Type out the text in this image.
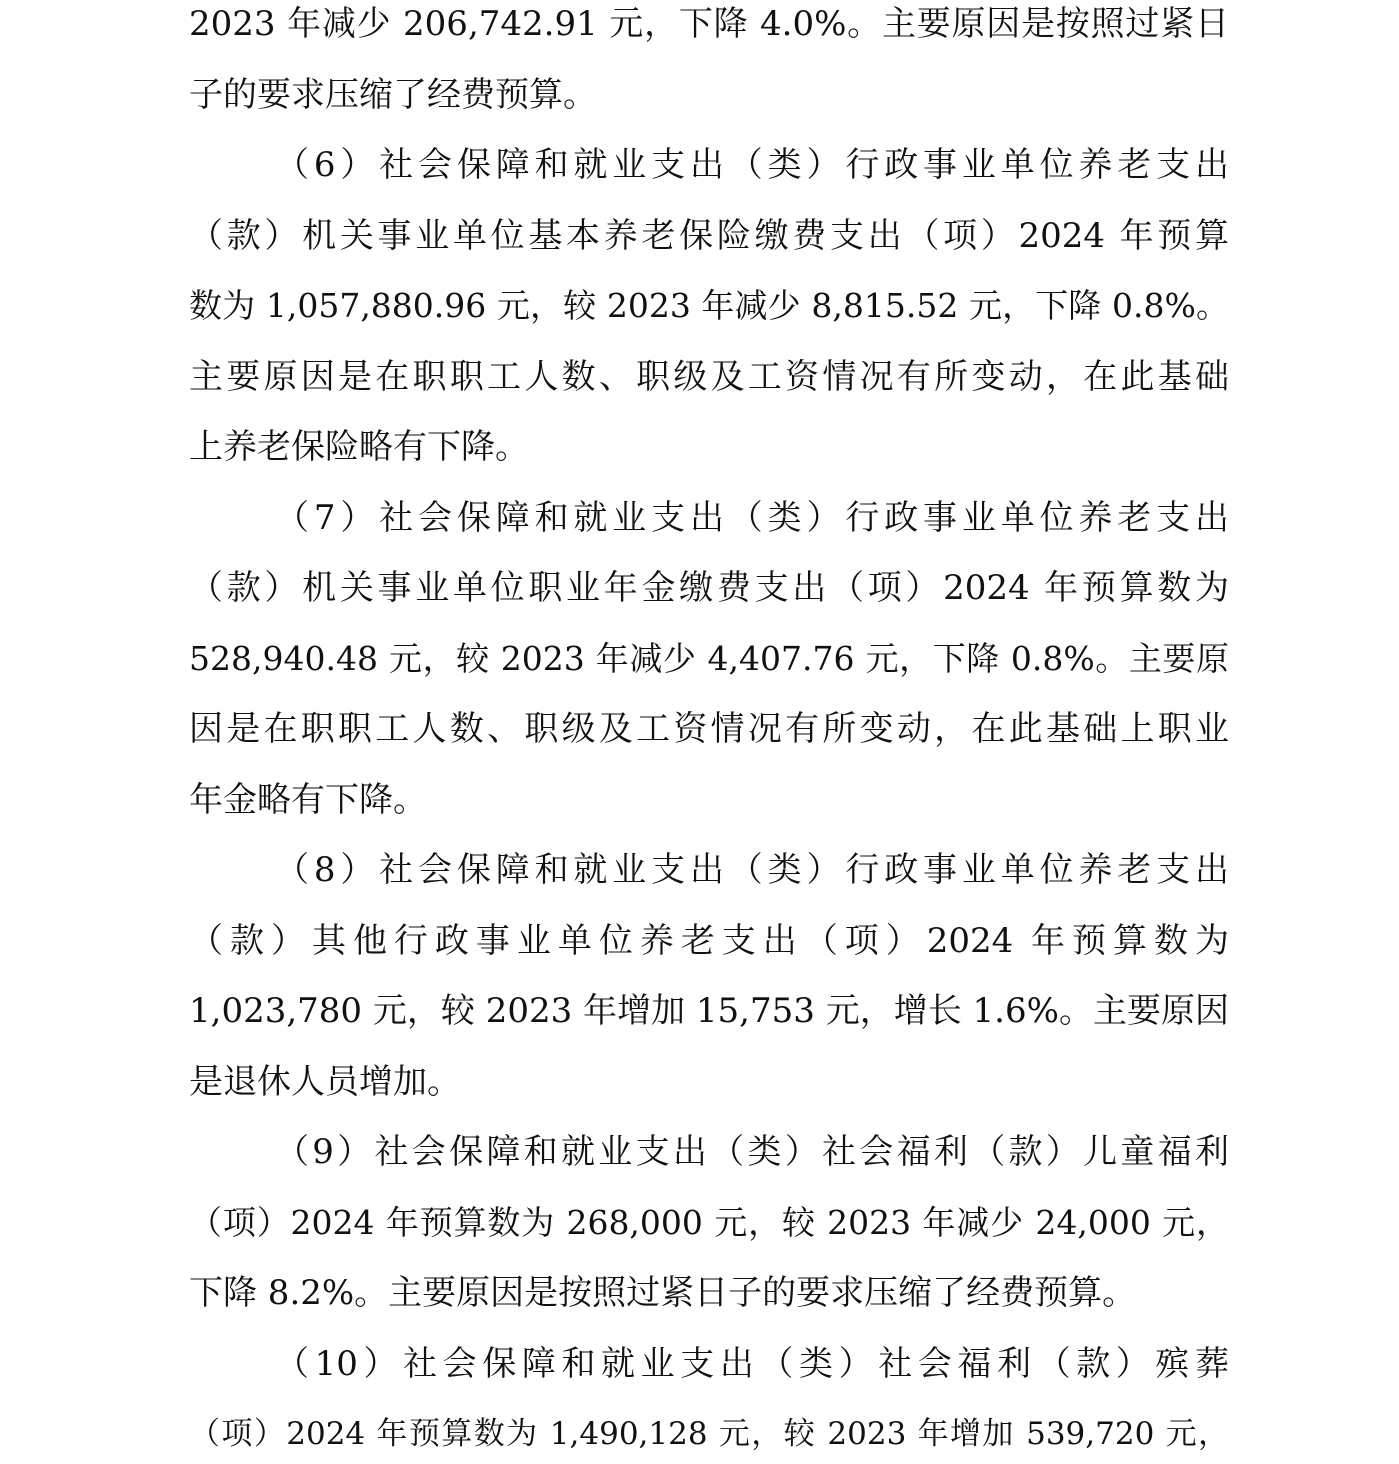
2023 年减少 206,742.91 元，下降 4.0%。主要原因是按照过紧日
子的要求压缩了经费预算。
（6）社会保障和就业支出（类）行政事业单位养老支出
（款）机关事业单位基本养老保险缴费支出（项）2024 年预算
数为 1,057,880.96 元，较 2023 年减少 8,815.52 元，下降 0.8%。
主要原因是在职职工人数、职级及工资情况有所变动，在此基础
上养老保险略有下降。
（7）社会保障和就业支出（类）行政事业单位养老支出
（款）机关事业单位职业年金缴费支出（项）2024 年预算数为
528,940.48 元，较 2023 年减少 4,407.76 元，下降 0.8%。主要原
因是在职职工人数、职级及工资情况有所变动，在此基础上职业
年金略有下降。
（8）社会保障和就业支出（类）行政事业单位养老支出
（款）其他行政事业单位养老支出（项）2024 年预算数为
1,023,780 元，较 2023 年增加 15,753 元，增长 1.6%。主要原因
是退休人员增加。
（9）社会保障和就业支出（类）社会福利（款）儿童福利
（项）2024 年预算数为 268,000 元，较 2023 年减少 24,000 元，
下降 8.2%。主要原因是按照过紧日子的要求压缩了经费预算。
（10）社会保障和就业支出（类）社会福利（款）殡葬
（项）2024 年预算数为 1,490,128 元，较 2023 年增加 539,720 元，
